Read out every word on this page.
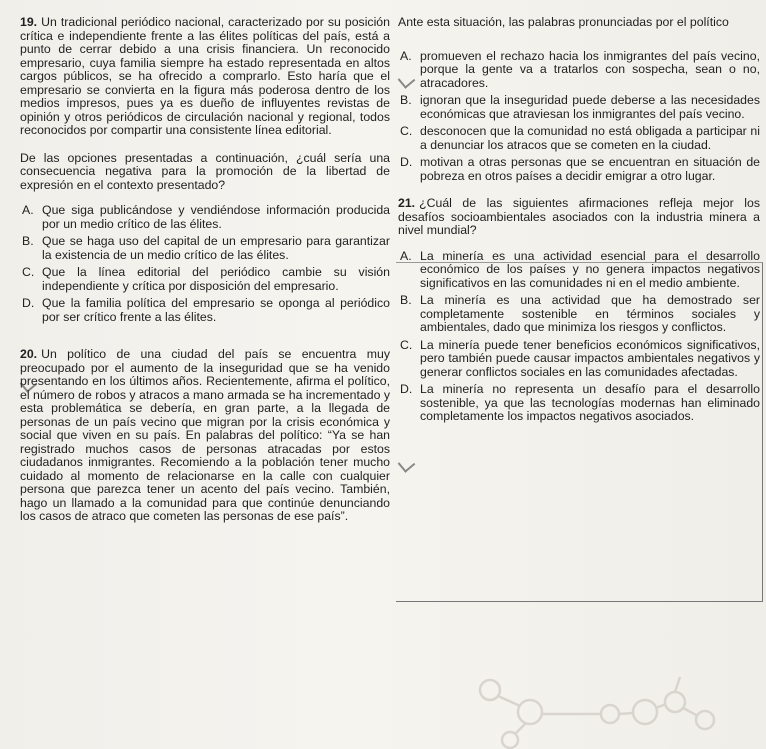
19. Un tradicional periódico nacional, caracterizado por su posición crítica e independiente frente a las élites políticas del país, está a punto de cerrar debido a una crisis financiera. Un reconocido empresario, cuya familia siempre ha estado representada en altos cargos públicos, se ha ofrecido a comprarlo. Esto haría que el empresario se convierta en la figura más poderosa dentro de los medios impresos, pues ya es dueño de influyentes revistas de opinión y otros periódicos de circulación nacional y regional, todos reconocidos por compartir una consistente línea editorial.

De las opciones presentadas a continuación, ¿cuál sería una consecuencia negativa para la promoción de la libertad de expresión en el contexto presentado?

A. Que siga publicándose y vendiéndose información producida por un medio crítico de las élites.
B. Que se haga uso del capital de un empresario para garantizar la existencia de un medio crítico de las élites.
C. Que la línea editorial del periódico cambie su visión independiente y crítica por disposición del empresario.
D. Que la familia política del empresario se oponga al periódico por ser crítico frente a las élites.

20. Un político de una ciudad del país se encuentra muy preocupado por el aumento de la inseguridad que se ha venido presentando en los últimos años. Recientemente, afirma el político, el número de robos y atracos a mano armada se ha incrementado y esta problemática se debería, en gran parte, a la llegada de personas de un país vecino que migran por la crisis económica y social que viven en su país. En palabras del político: “Ya se han registrado muchos casos de personas atracadas por estos ciudadanos inmigrantes. Recomiendo a la población tener mucho cuidado al momento de relacionarse en la calle con cualquier persona que parezca tener un acento del país vecino. También, hago un llamado a la comunidad para que continúe denunciando los casos de atraco que cometen las personas de ese país”.

Ante esta situación, las palabras pronunciadas por el político

A. promueven el rechazo hacia los inmigrantes del país vecino, porque la gente va a tratarlos con sospecha, sean o no, atracadores.
B. ignoran que la inseguridad puede deberse a las necesidades económicas que atraviesan los inmigrantes del país vecino.
C. desconocen que la comunidad no está obligada a participar ni a denunciar los atracos que se cometen en la ciudad.
D. motivan a otras personas que se encuentran en situación de pobreza en otros países a decidir emigrar a otro lugar.

21. ¿Cuál de las siguientes afirmaciones refleja mejor los desafíos socioambientales asociados con la industria minera a nivel mundial?

A. La minería es una actividad esencial para el desarrollo económico de los países y no genera impactos negativos significativos en las comunidades ni en el medio ambiente.
B. La minería es una actividad que ha demostrado ser completamente sostenible en términos sociales y ambientales, dado que minimiza los riesgos y conflictos.
C. La minería puede tener beneficios económicos significativos, pero también puede causar impactos ambientales negativos y generar conflictos sociales en las comunidades afectadas.
D. La minería no representa un desafío para el desarrollo sostenible, ya que las tecnologías modernas han eliminado completamente los impactos negativos asociados.
